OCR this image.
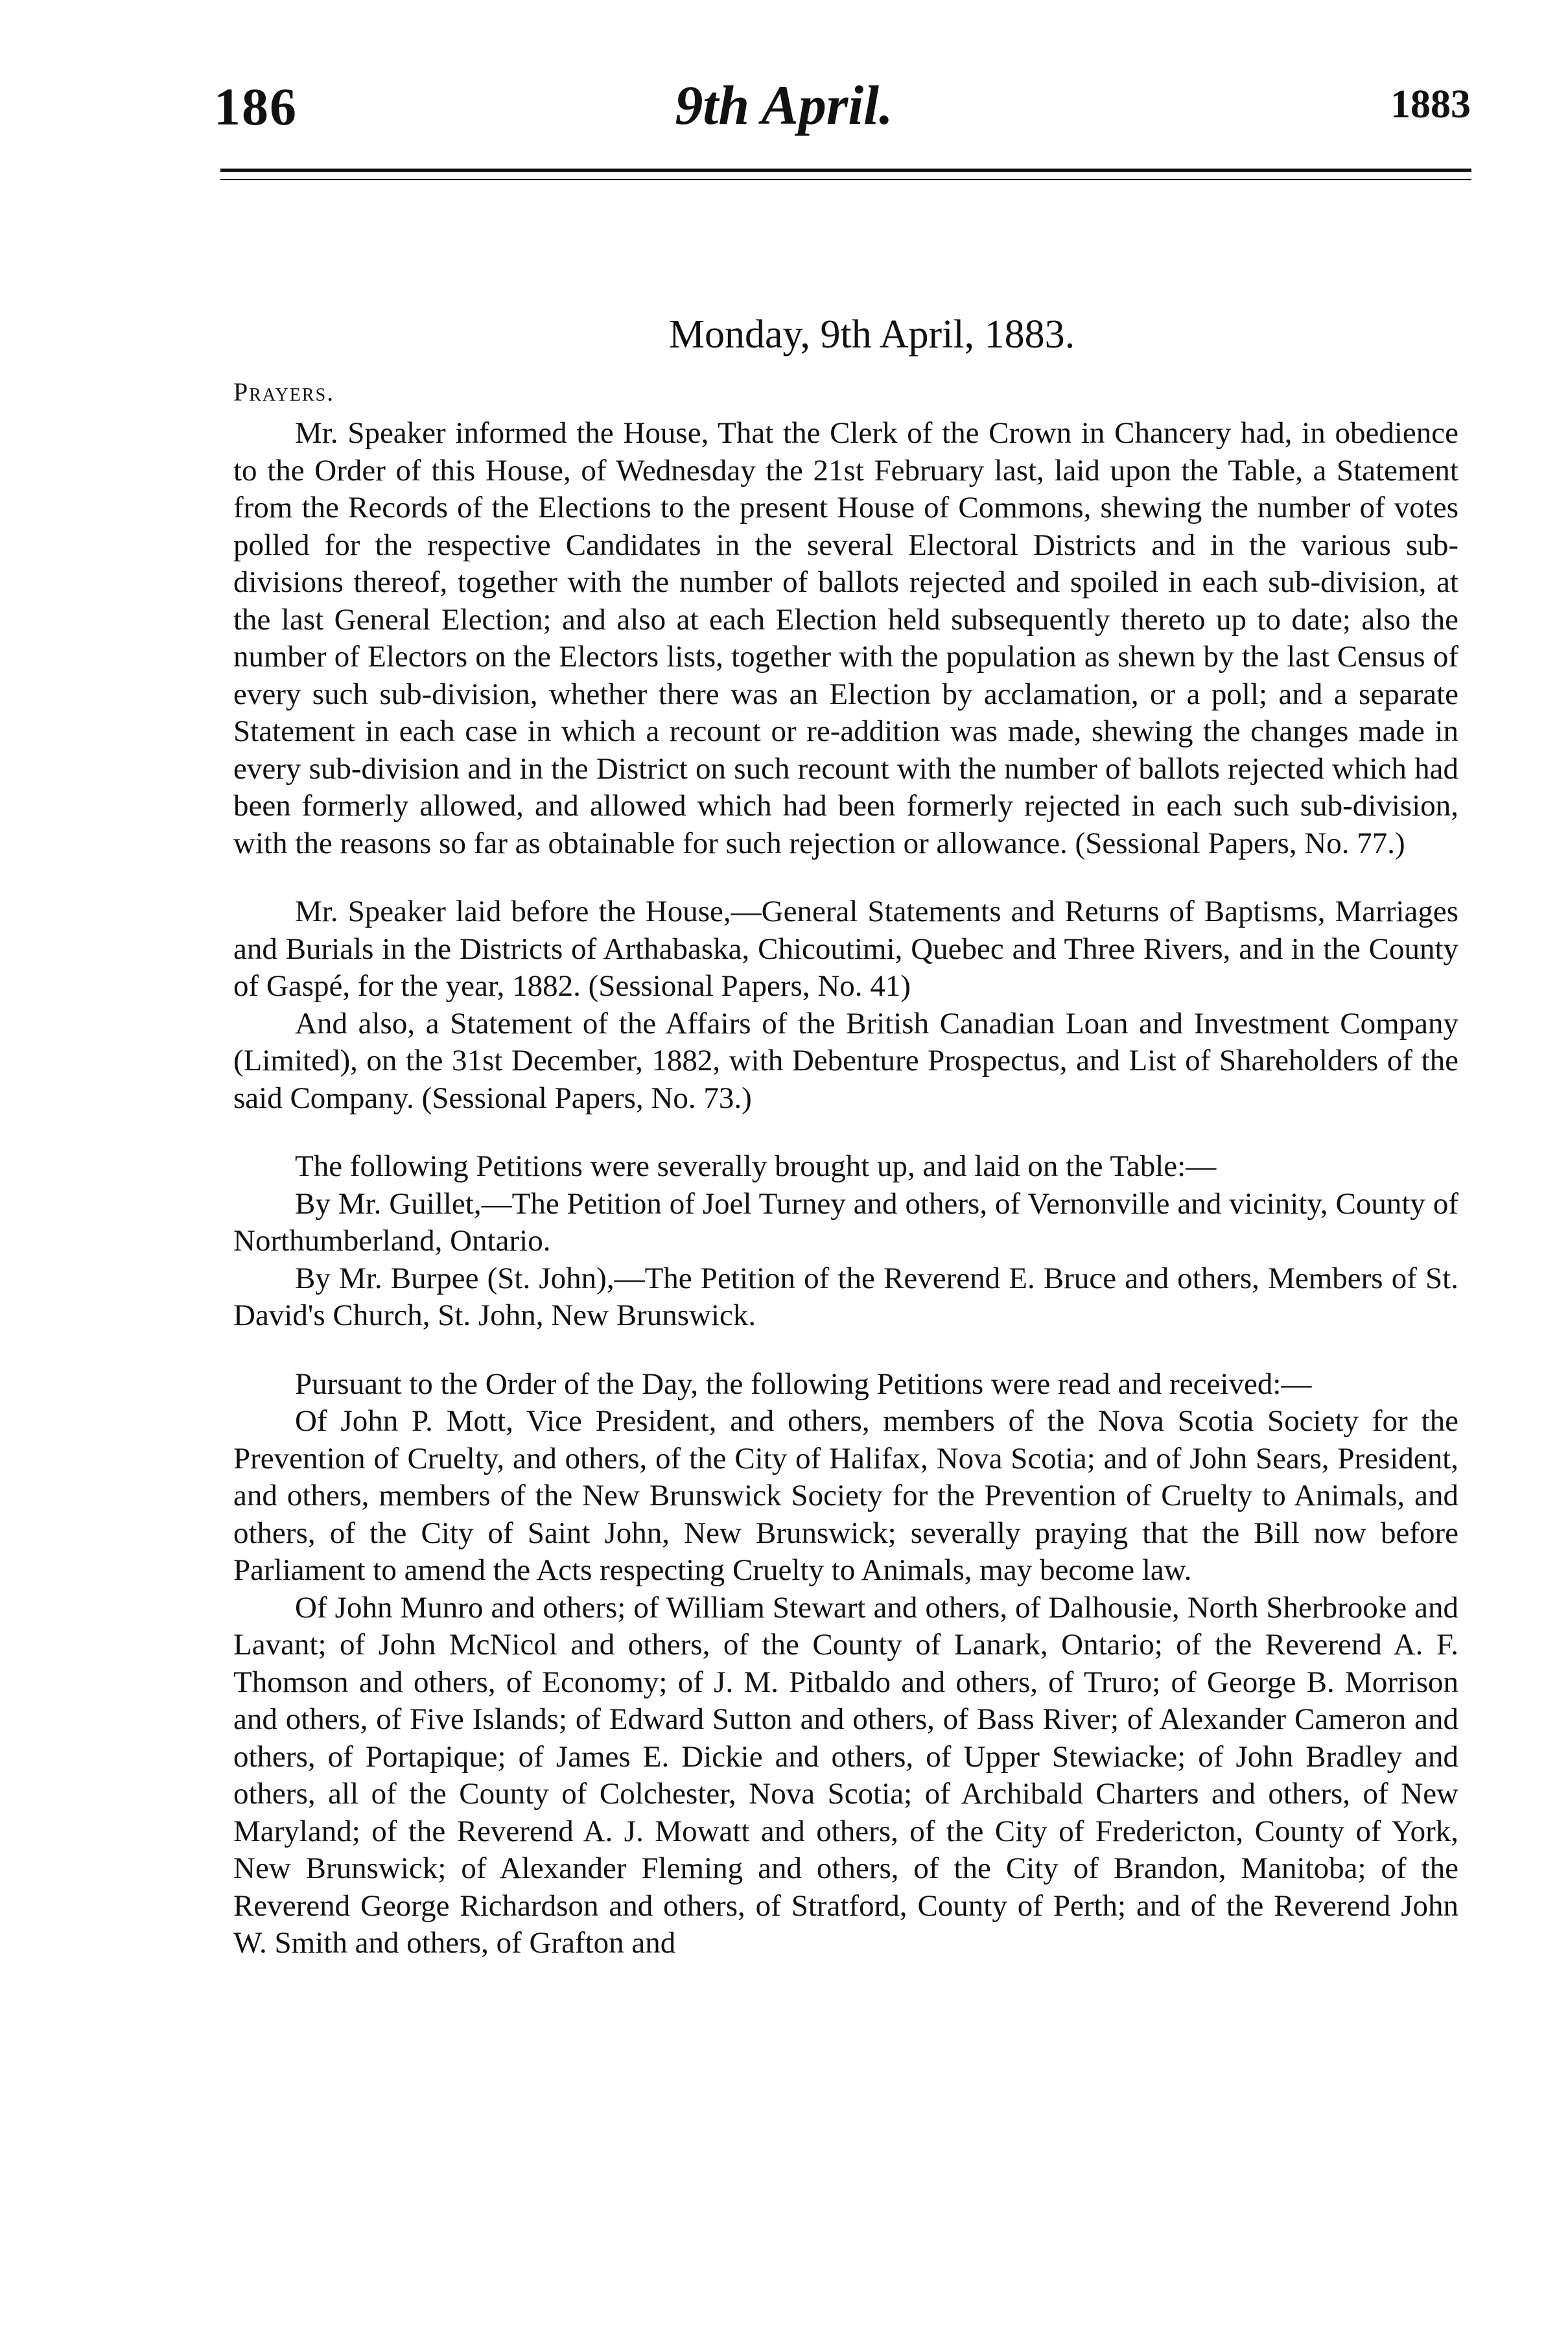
186	9th April.	1883
Monday, 9th April, 1883.
Prayers.

Mr. Speaker informed the House, That the Clerk of the Crown in Chancery had, in obedience to the Order of this House, of Wednesday the 21st February last, laid upon the Table, a Statement from the Records of the Elections to the present House of Commons, shewing the number of votes polled for the respective Candidates in the several Electoral Districts and in the various sub-divisions thereof, together with the number of ballots rejected and spoiled in each sub-division, at the last General Election; and also at each Election held subsequently thereto up to date; also the number of Electors on the Electors lists, together with the population as shewn by the last Census of every such sub-division, whether there was an Election by acclamation, or a poll; and a separate Statement in each case in which a recount or re-addition was made, shewing the changes made in every sub-division and in the District on such recount with the number of ballots rejected which had been formerly allowed, and allowed which had been formerly rejected in each such sub-division, with the reasons so far as obtainable for such rejection or allowance. (Sessional Papers, No. 77.)

Mr. Speaker laid before the House,—General Statements and Returns of Baptisms, Marriages and Burials in the Districts of Arthabaska, Chicoutimi, Quebec and Three Rivers, and in the County of Gaspé, for the year, 1882. (Sessional Papers, No. 41)

And also, a Statement of the Affairs of the British Canadian Loan and Investment Company (Limited), on the 31st December, 1882, with Debenture Prospectus, and List of Shareholders of the said Company. (Sessional Papers, No. 73.)

The following Petitions were severally brought up, and laid on the Table:—

By Mr. Guillet,—The Petition of Joel Turney and others, of Vernonville and vicinity, County of Northumberland, Ontario.

By Mr. Burpee (St. John),—The Petition of the Reverend E. Bruce and others, Members of St. David's Church, St. John, New Brunswick.

Pursuant to the Order of the Day, the following Petitions were read and received:—

Of John P. Mott, Vice President, and others, members of the Nova Scotia Society for the Prevention of Cruelty, and others, of the City of Halifax, Nova Scotia; and of John Sears, President, and others, members of the New Brunswick Society for the Prevention of Cruelty to Animals, and others, of the City of Saint John, New Brunswick; severally praying that the Bill now before Parliament to amend the Acts respecting Cruelty to Animals, may become law.

Of John Munro and others; of William Stewart and others, of Dalhousie, North Sherbrooke and Lavant; of John McNicol and others, of the County of Lanark, Ontario; of the Reverend A. F. Thomson and others, of Economy; of J. M. Pitbaldo and others, of Truro; of George B. Morrison and others, of Five Islands; of Edward Sutton and others, of Bass River; of Alexander Cameron and others, of Portapique; of James E. Dickie and others, of Upper Stewiacke; of John Bradley and others, all of the County of Colchester, Nova Scotia; of Archibald Charters and others, of New Maryland; of the Reverend A. J. Mowatt and others, of the City of Fredericton, County of York, New Brunswick; of Alexander Fleming and others, of the City of Brandon, Manitoba; of the Reverend George Richardson and others, of Stratford, County of Perth; and of the Reverend John W. Smith and others, of Grafton and
